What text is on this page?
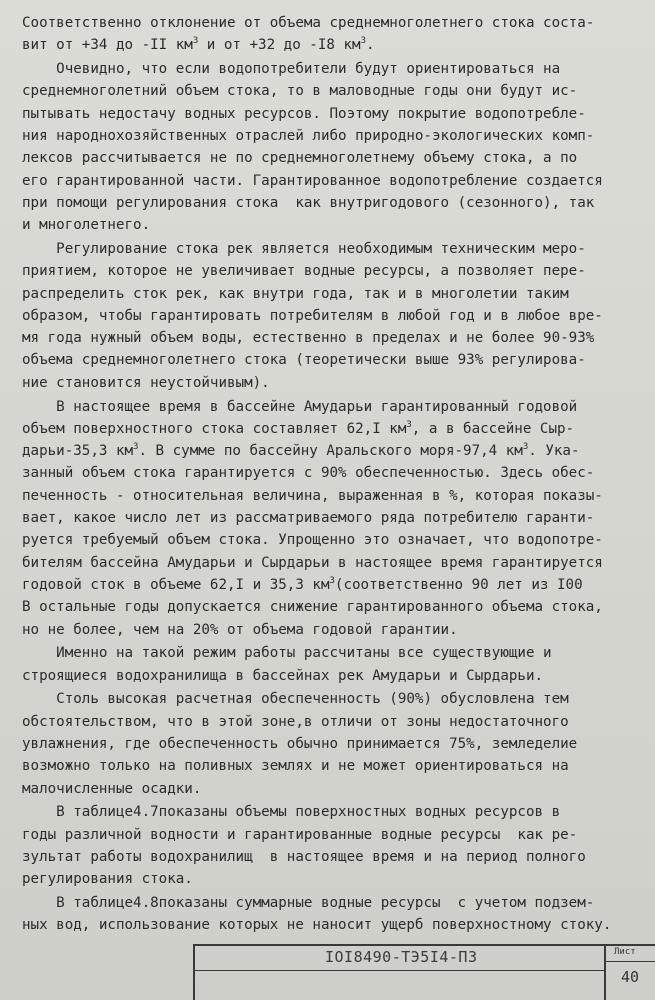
Соответственно отклонение от объема среднемноголетнего стока соста-
вит от +34 до -II $км^3$ и от +32 до -I8 $км^3$.
Очевидно, что если водопотребители будут ориентироваться на
среднемноголетний объем стока, то в маловодные годы они будут ис-
пытывать недостачу водных ресурсов. Поэтому покрытие водопотребле-
ния народнохозяйственных отраслей либо природно-экологических комп-
лексов рассчитывается не по среднемноголетнему объему стока, а по
его гарантированной части. Гарантированное водопотребление создается
при помощи регулирования стока  как внутригодового (сезонного), так
и многолетнего.
Регулирование стока рек является необходимым техническим меро-
приятием, которое не увеличивает водные ресурсы, а позволяет пере-
распределить сток рек, как внутри года, так и в многолетии таким
образом, чтобы гарантировать потребителям в любой год и в любое вре-
мя года нужный объем воды, естественно в пределах и не более 90-93%
объема среднемноголетнего стока (теоретически выше 93% регулирова-
ние становится неустойчивым).
В настоящее время в бассейне Амударьи гарантированный годовой
объем поверхностного стока составляет 62,I $км^3$, а в бассейне Сыр-
дарьи-35,3 $км^3$. В сумме по бассейну Аральского моря-97,4 $км^3$. Ука-
занный объем стока гарантируется с 90% обеспеченностью. Здесь обес-
печенность - относительная величина, выраженная в %, которая показы-
вает, какое число лет из рассматриваемого ряда потребителю гаранти-
руется требуемый объем стока. Упрощенно это означает, что водопотре-
бителям бассейна Амударьи и Сырдарьи в настоящее время гарантируется
годовой сток в объеме 62,I и 35,3 $км^3(соответственно$ 90 лет из I00
В остальные годы допускается снижение гарантированного объема стока,
но не более, чем на 20% от объема годовой гарантии.
Именно на такой режим работы рассчитаны все существующие и
строящиеся водохранилища в бассейнах рек Амударьи и Сырдарьи.
Столь высокая расчетная обеспеченность (90%) обусловлена тем
обстоятельством, что в этой зоне,в отличи от зоны недостаточного
увлажнения, где обеспеченность обычно принимается 75%, земледелие
возможно только на поливных землях и не может ориентироваться на
малочисленные осадки.
В таблице4.7показаны объемы поверхностных водных ресурсов в
годы различной водности и гарантированные водные ресурсы  как ре-
зультат работы водохранилищ  в настоящее время и на период полного
регулирования стока.
В таблице4.8показаны суммарные водные ресурсы  с учетом подзем-
ных вод, использование которых не наносит ущерб поверхностному стоку.
IOI8490-ТЭ5I4-ПЗ	Лист
40
